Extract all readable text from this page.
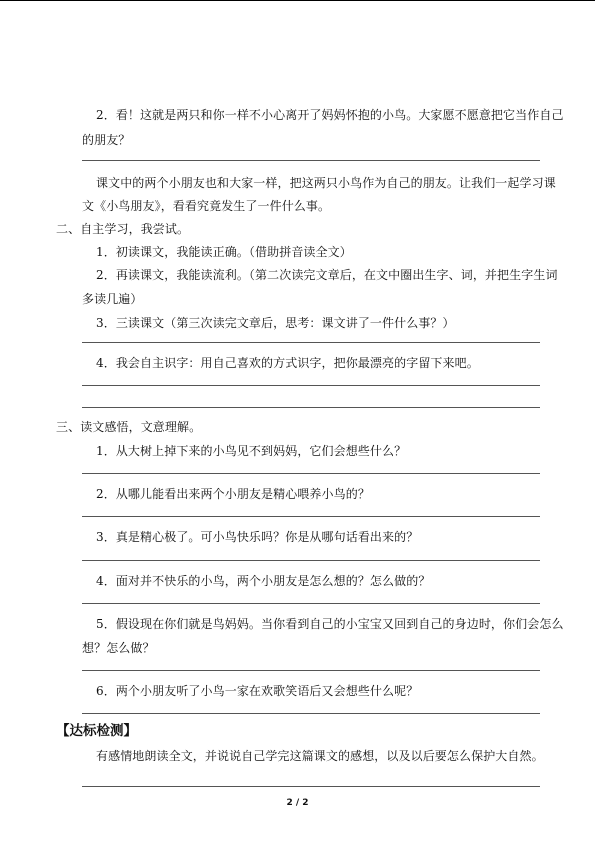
2．看！这就是两只和你一样不小心离开了妈妈怀抱的小鸟。大家愿不愿意把它当作自己
的朋友？
课文中的两个小朋友也和大家一样，把这两只小鸟作为自己的朋友。让我们一起学习课
文《小鸟朋友》，看看究竟发生了一件什么事。
二、自主学习，我尝试。
1．初读课文，我能读正确。（借助拼音读全文）
2．再读课文，我能读流利。（第二次读完文章后，在文中圈出生字、词，并把生字生词
多读几遍）
3．三读课文（第三次读完文章后，思考：课文讲了一件什么事？）
4．我会自主识字：用自己喜欢的方式识字，把你最漂亮的字留下来吧。
三、读文感悟，文意理解。
1．从大树上掉下来的小鸟见不到妈妈，它们会想些什么？
2．从哪儿能看出来两个小朋友是精心喂养小鸟的？
3．真是精心极了。可小鸟快乐吗？你是从哪句话看出来的？
4．面对并不快乐的小鸟，两个小朋友是怎么想的？怎么做的？
5．假设现在你们就是鸟妈妈。当你看到自己的小宝宝又回到自己的身边时，你们会怎么
想？怎么做？
6．两个小朋友听了小鸟一家在欢歌笑语后又会想些什么呢？
【达标检测】
有感情地朗读全文，并说说自己学完这篇课文的感想，以及以后要怎么保护大自然。
2 / 2
